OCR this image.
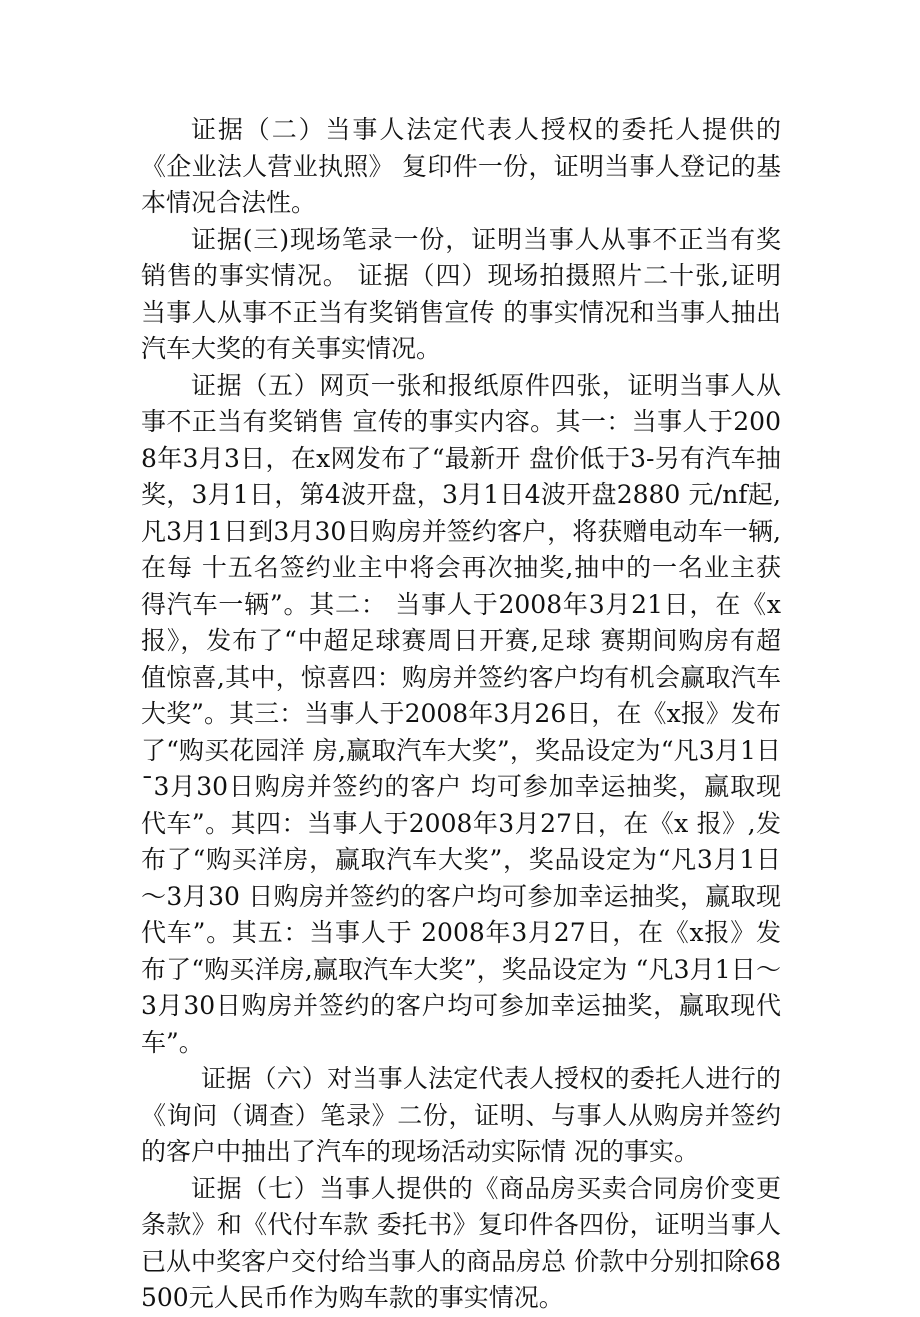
证据（二）当事人法定代表人授权的委托人提供的《企业法人营业执照》 复印件一份，证明当事人登记的基本情况合法性。

证据(三)现场笔录一份，证明当事人从事不正当有奖销售的事实情况。 证据（四）现场拍摄照片二十张,证明当事人从事不正当有奖销售宣传 的事实情况和当事人抽出汽车大奖的有关事实情况。

证据（五）网页一张和报纸原件四张，证明当事人从事不正当有奖销售 宣传的事实内容。其一：当事人于2008年3月3日，在x网发布了“最新开 盘价低于3-另有汽车抽奖，3月1日，第4波开盘，3月1日4波开盘2880 元/nf起,凡3月1日到3月30日购房并签约客户，将获赠电动车一辆,在每 十五名签约业主中将会再次抽奖,抽中的一名业主获得汽车一辆”。其二： 当事人于2008年3月21日，在《x报》，发布了“中超足球赛周日开赛,足球 赛期间购房有超值惊喜,其中，惊喜四：购房并签约客户均有机会赢取汽车 大奖”。其三：当事人于2008年3月26日，在《x报》发布了“购买花园洋 房,赢取汽车大奖”，奖品设定为“凡3月1日¯3月30日购房并签约的客户 均可参加幸运抽奖，赢取现代车”。其四：当事人于2008年3月27日，在《x 报》,发布了“购买洋房，赢取汽车大奖”，奖品设定为“凡3月1日～3月30 日购房并签约的客户均可参加幸运抽奖，赢取现代车”。其五：当事人于 2008年3月27日，在《x报》发布了“购买洋房,赢取汽车大奖”，奖品设定为 “凡3月1日～3月30日购房并签约的客户均可参加幸运抽奖，赢取现代 车”。

证据（六）对当事人法定代表人授权的委托人进行的《询问（调查）笔录》二份，证明、与事人从购房并签约的客户中抽出了汽车的现场活动实际情 况的事实。

证据（七）当事人提供的《商品房买卖合同房价变更条款》和《代付车款 委托书》复印件各四份，证明当事人已从中奖客户交付给当事人的商品房总 价款中分别扣除68500元人民币作为购车款的事实情况。
